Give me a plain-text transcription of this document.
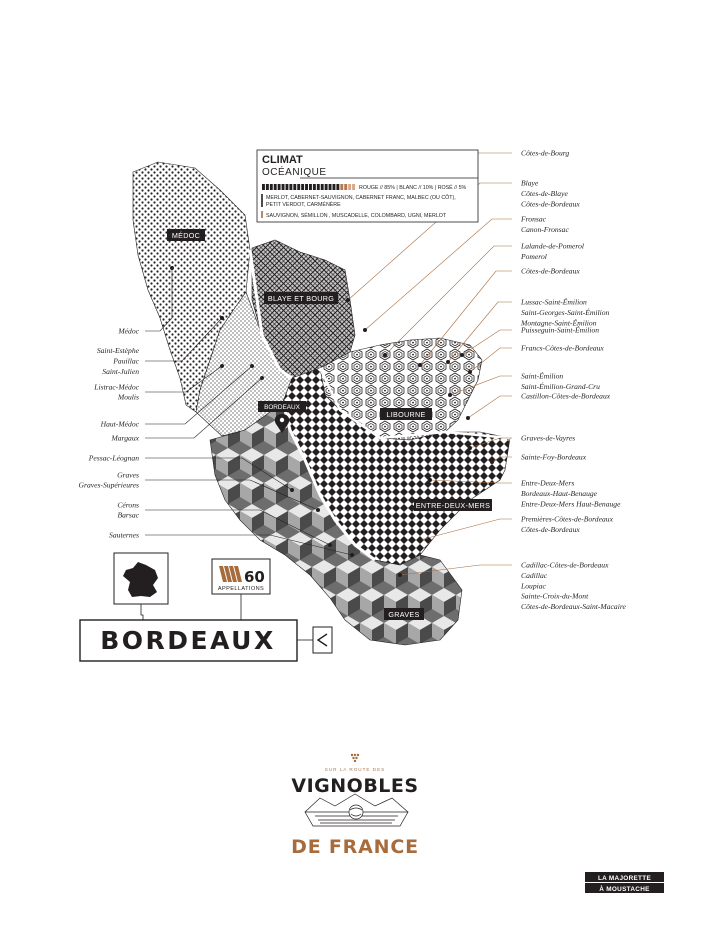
MÉDOC
BLAYE ET BOURG
LIBOURNE
ENTRE-DEUX-MERS
GRAVES
BORDEAUX
Médoc
Saint-Estèphe
Pauillac
Saint-Julien
Listrac-Médoc
Moulis
Haut-Médoc
Margaux
Pessac-Léognan
Graves
Graves-Supérieures
Cérons
Barsac
Sauternes
Côtes-de-Bourg
Blaye
Côtes-de-Blaye
Côtes-de-Bordeaux
Fronsac
Canon-Fronsac
Lalande-de-Pomerol
Pomerol
Côtes-de-Bordeaux
Lussac-Saint-Émilion
Saint-Georges-Saint-Émilion
Montagne-Saint-Émilion
Puisseguin-Saint-Émilion
Francs-Côtes-de-Bordeaux
Saint-Émilion
Saint-Émilion-Grand-Cru
Castillon-Côtes-de-Bordeaux
Graves-de-Vayres
Sainte-Foy-Bordeaux
Entre-Deux-Mers
Bordeaux-Haut-Benauge
Entre-Deux-Mers Haut-Benauge
Premières-Côtes-de-Bordeaux
Côtes-de-Bordeaux
Cadillac-Côtes-de-Bordeaux
Cadillac
Loupiac
Sainte-Croix-du-Mont
Côtes-de-Bordeaux-Saint-Macaire
CLIMAT
OCÉANIQUE
ROUGE // 85% | BLANC // 10% | ROSÉ // 5%
MERLOT, CABERNET-SAUVIGNON, CABERNET FRANC, MALBEC (OU CÔT),
PETIT VERDOT, CARMÉNÈRE
SAUVIGNON, SÉMILLON , MUSCADELLE, COLOMBARD, UGNI, MERLOT
60
APPELLATIONS
BORDEAUX
SUR LA ROUTE DES
VIGNOBLES
DE FRANCE
LA MAJORETTE
À MOUSTACHE
